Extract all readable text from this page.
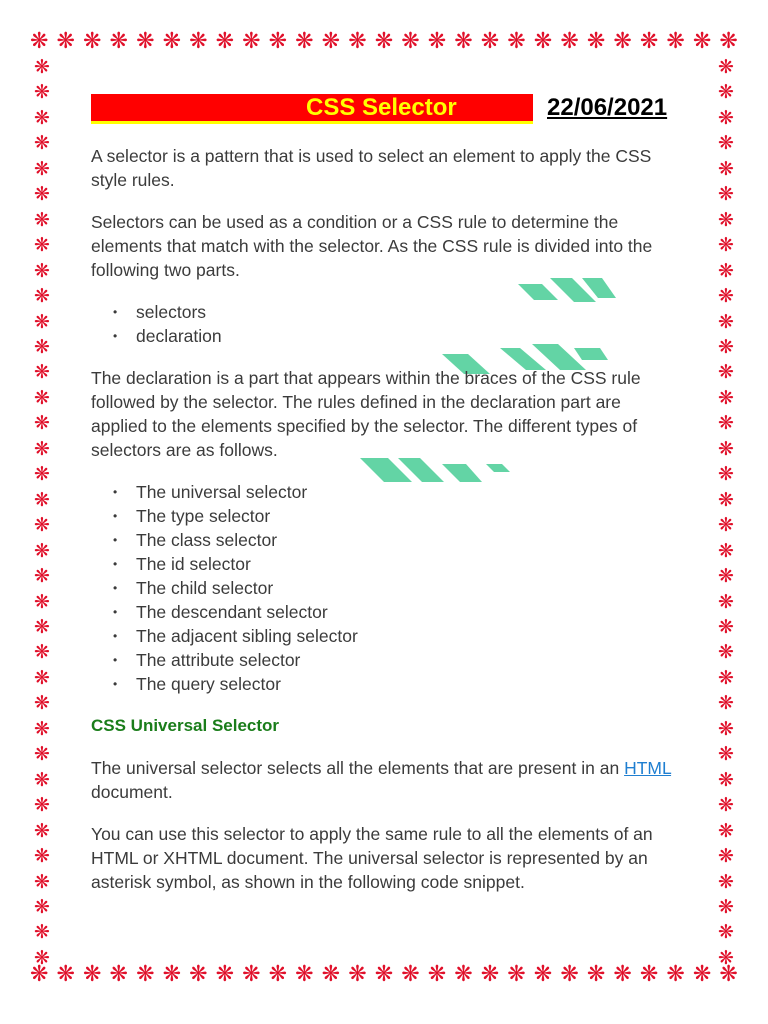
❋ ❋ ❋ ❋ ❋ ❋ ❋ ❋ ❋ ❋ ❋ ❋ ❋ ❋ ❋ ❋ ❋ ❋ ❋ ❋ ❋ ❋ ❋ ❋ ❋ ❋ ❋
❋ ❋ ❋ ❋ ❋ ❋ ❋ ❋ ❋ ❋ ❋ ❋ ❋ ❋ ❋ ❋ ❋ ❋ ❋ ❋ ❋ ❋ ❋ ❋ ❋ ❋ ❋
❋
❋
❋
❋
❋
❋
❋
❋
❋
❋
❋
❋
❋
❋
❋
❋
❋
❋
❋
❋
❋
❋
❋
❋
❋
❋
❋
❋
❋
❋
❋
❋
❋
❋
❋
❋
❋
❋
❋
❋
❋
❋
❋
❋
❋
❋
❋
❋
❋
❋
❋
❋
❋
❋
❋
❋
❋
❋
❋
❋
❋
❋
❋
❋
❋
❋
❋
❋
❋
❋
❋
❋
CSS Selector	22/06/2021

A selector is a pattern that is used to select an element to apply the CSS style rules.

Selectors can be used as a condition or a CSS rule to determine the elements that match with the selector. As the CSS rule is divided into the following two parts.

• selectors
• declaration

The declaration is a part that appears within the braces of the CSS rule followed by the selector. The rules defined in the declaration part are applied to the elements specified by the selector. The different types of selectors are as follows.

• The universal selector
• The type selector
• The class selector
• The id selector
• The child selector
• The descendant selector
• The adjacent sibling selector
• The attribute selector
• The query selector
CSS Universal Selector

The universal selector selects all the elements that are present in an HTML document.

You can use this selector to apply the same rule to all the elements of an HTML or XHTML document. The universal selector is represented by an asterisk symbol, as shown in the following code snippet.
